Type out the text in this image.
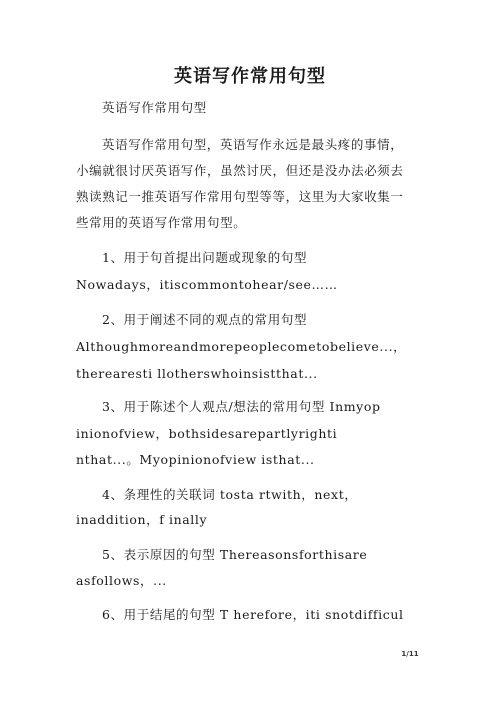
英语写作常用句型
英语写作常用句型
英语写作常用句型，英语写作永远是最头疼的事情，
小编就很讨厌英语写作，虽然讨厌，但还是没办法必须去
熟读熟记一推英语写作常用句型等等，这里为大家收集一
些常用的英语写作常用句型。
1、用于句首提出问题或现象的句型
Nowadays，itiscommontohear/see……
2、用于阐述不同的观点的常用句型
Althoughmoreandmorepeoplecometobelieve...，
therearesti llotherswhoinsistthat...
3、用于陈述个人观点/想法的常用句型 Inmyop
inionofview，bothsidesarepartlyrighti
nthat...。Myopinionofview isthat...
4、条理性的关联词 tosta rtwith，next，
inaddition，f inally
5、表示原因的句型 Thereasonsforthisare
asfollows，...
6、用于结尾的句型 T herefore，iti snotdifficul
1/11
